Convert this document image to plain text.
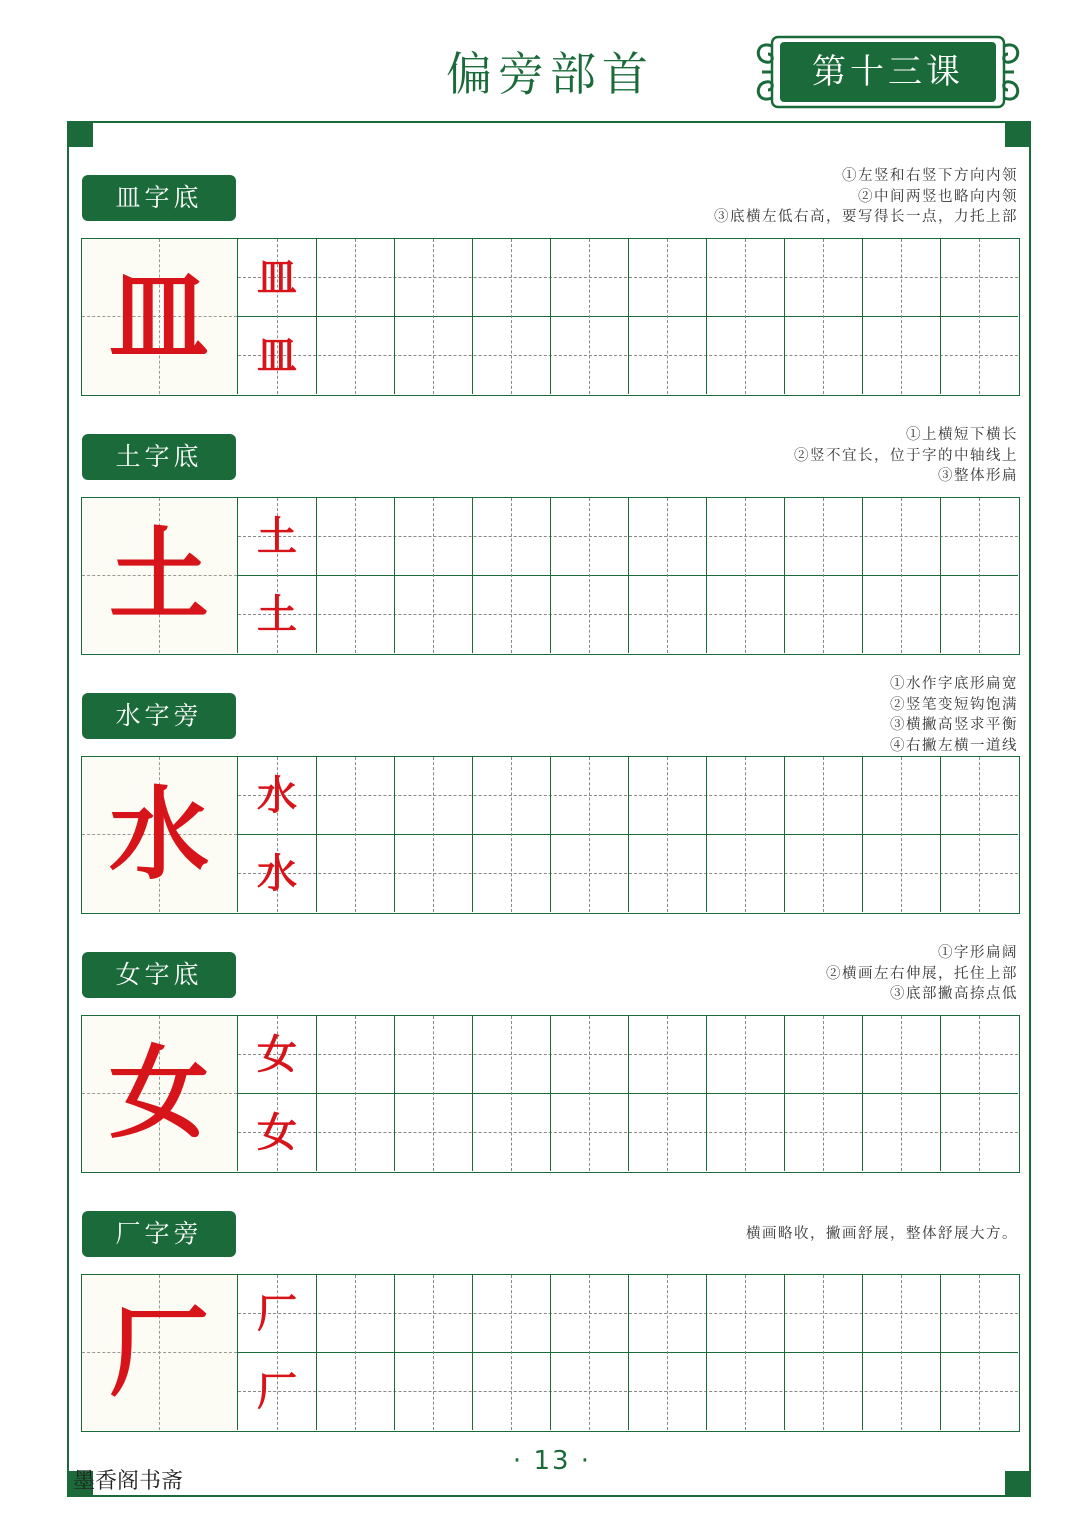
偏旁部首	第十三课
皿字底
①左竖和右竖下方向内领
②中间两竖也略向内领
③底横左低右高，要写得长一点，力托上部
皿	皿
皿
土字底
①上横短下横长
②竖不宜长，位于字的中轴线上
③整体形扁
土	土
土
水字旁
①水作字底形扁宽
②竖笔变短钩饱满
③横撇高竖求平衡
④右撇左横一道线
水	水
水
女字底
①字形扁阔
②横画左右伸展，托住上部
③底部撇高捺点低
女	女
女
厂字旁	横画略收，撇画舒展，整体舒展大方。
厂	厂
厂
· 13 ·
墨香阁书斋
